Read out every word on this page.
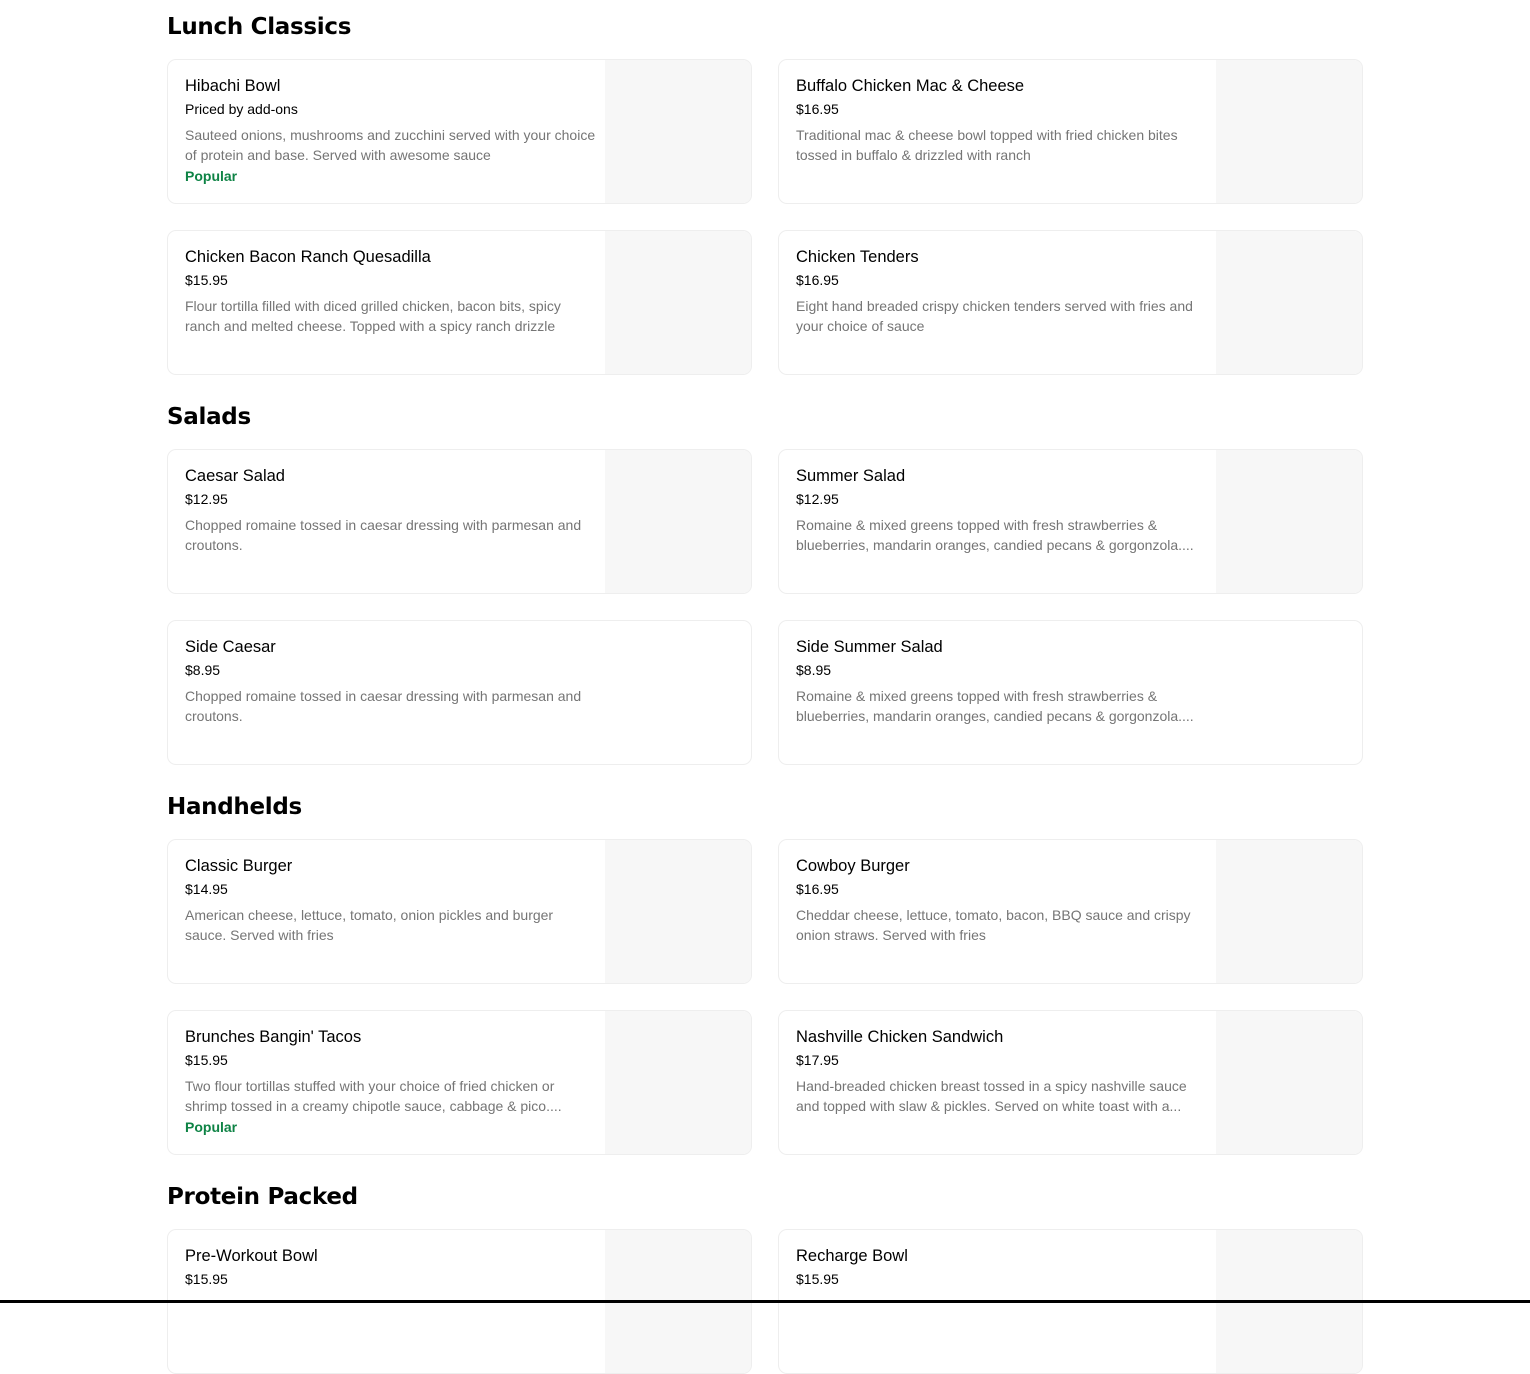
Lunch Classics
Hibachi Bowl
Priced by add-ons
Sauteed onions, mushrooms and zucchini served with your choice of protein and base. Served with awesome sauce
Popular
Buffalo Chicken Mac & Cheese
$16.95
Traditional mac & cheese bowl topped with fried chicken bites tossed in buffalo & drizzled with ranch
Chicken Bacon Ranch Quesadilla
$15.95
Flour tortilla filled with diced grilled chicken, bacon bits, spicy ranch and melted cheese. Topped with a spicy ranch drizzle
Chicken Tenders
$16.95
Eight hand breaded crispy chicken tenders served with fries and your choice of sauce
Salads
Caesar Salad
$12.95
Chopped romaine tossed in caesar dressing with parmesan and croutons.
Summer Salad
$12.95
Romaine & mixed greens topped with fresh strawberries & blueberries, mandarin oranges, candied pecans & gorgonzola....
Side Caesar
$8.95
Chopped romaine tossed in caesar dressing with parmesan and croutons.
Side Summer Salad
$8.95
Romaine & mixed greens topped with fresh strawberries & blueberries, mandarin oranges, candied pecans & gorgonzola....
Handhelds
Classic Burger
$14.95
American cheese, lettuce, tomato, onion pickles and burger sauce. Served with fries
Cowboy Burger
$16.95
Cheddar cheese, lettuce, tomato, bacon, BBQ sauce and crispy onion straws. Served with fries
Brunches Bangin' Tacos
$15.95
Two flour tortillas stuffed with your choice of fried chicken or shrimp tossed in a creamy chipotle sauce, cabbage & pico....
Popular
Nashville Chicken Sandwich
$17.95
Hand-breaded chicken breast tossed in a spicy nashville sauce and topped with slaw & pickles. Served on white toast with a...
Protein Packed
Pre-Workout Bowl
$15.95
Recharge Bowl
$15.95
